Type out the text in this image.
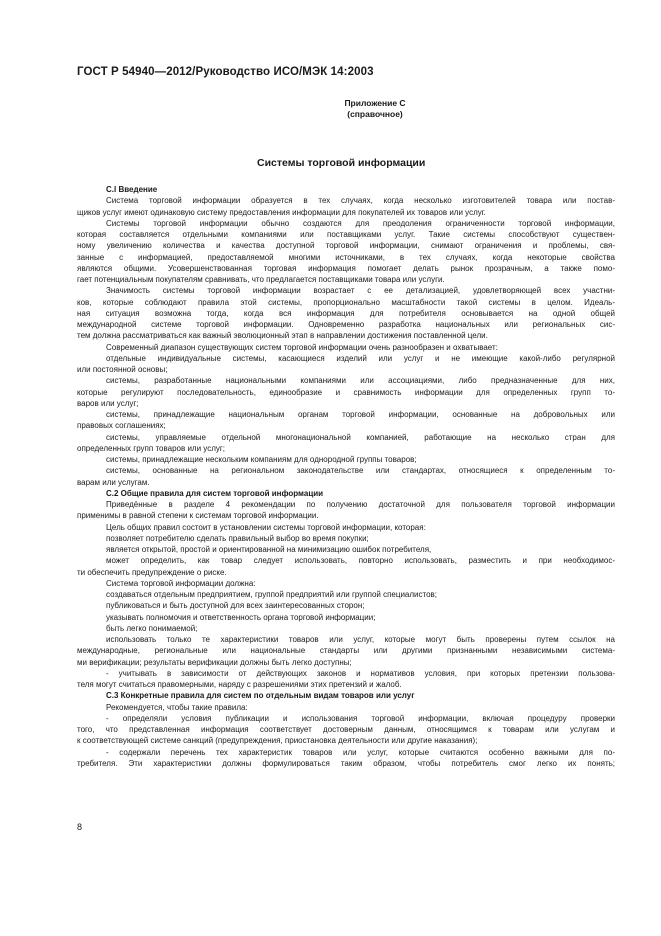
ГОСТ Р 54940—2012/Руководство ИСО/МЭК 14:2003
Приложение С
(справочное)
Системы торговой информации
C.l Введение
Система торговой информации образуется в тех случаях, когда несколько изготовителей товара или постав-
щиков услуг имеют одинаковую систему предоставления информации для покупателей их товаров или услуг.
Системы торговой информации обычно создаются для преодоления ограниченности торговой информации,
которая составляется отдельными компаниями или поставщиками услуг. Такие системы способствуют существен-
ному увеличению количества и качества доступной торговой информации, снимают ограничения и проблемы, свя-
занные с информацией, предоставляемой многими источниками, в тех случаях, когда некоторые свойства
являются общими. Усовершенствованная торговая информация помогает делать рынок прозрачным, а также помо-
гает потенциальным покупателям сравнивать, что предлагается поставщиками товара или услуги.
Значимость системы торговой информации возрастает с ее детализацией, удовлетворяющей всех участни-
ков, которые соблюдают правила этой системы, пропорционально масштабности такой системы в целом. Идеаль-
ная ситуация возможна тогда, когда вся информация для потребителя основывается на одной общей
международной системе торговой информации. Одновременно разработка национальных или региональных сис-
тем должна рассматриваться как важный эволюционный этап в направлении достижения поставленной цели.
Современный диапазон существующих систем торговой информации очень разнообразен и охватывает:
отдельные индивидуальные системы, касающиеся изделий или услуг и не имеющие какой-либо регулярной
или постоянной основы;
системы, разработанные национальными компаниями или ассоциациями, либо предназначенные для них,
которые регулируют последовательность, единообразие и сравнимость информации для определенных групп то-
варов или услуг;
системы, принадлежащие национальным органам торговой информации, основанные на добровольных или
правовых соглашениях;
системы, управляемые отдельной многонациональной компанией, работающие на несколько стран для
определенных групп товаров или услуг;
системы, принадлежащие нескольким компаниям для однородной группы товаров;
системы, основанные на региональном законодательстве или стандартах, относящиеся к определенным то-
варам или услугам.
С.2 Общие правила для систем торговой информации
Приведённые в разделе 4 рекомендации по получению достаточной для пользователя торговой информации
применимы в равной степени к системам торговой информации.
Цель общих правил состоит в установлении системы торговой информации, которая:
позволяет потребителю сделать правильный выбор во время покупки;
является открытой, простой и ориентированной на минимизацию ошибок потребителя,
может определить, как товар следует использовать, повторно использовать, разместить и при необходимос-
ти обеспечить предупреждение о риске.
Система торговой информации должна:
создаваться отдельным предприятием, группой предприятий или группой специалистов;
публиковаться и быть доступной для всех заинтересованных сторон;
указывать полномочия и ответственность органа торговой информации;
быть легко понимаемой;
использовать только те характеристики товаров или услуг, которые могут быть проверены путем ссылок на
международные, региональные или национальные стандарты или другими признанными независимыми система-
ми верификации; результаты верификации должны быть легко доступны;
- учитывать в зависимости от действующих законов и нормативов условия, при которых претензии пользова-
теля могут считаться правомерными, наряду с разрешениями этих претензий и жалоб.
С.3 Конкретные правила для систем по отдельным видам товаров или услуг
Рекомендуется, чтобы такие правила:
- определяли условия публикации и использования торговой информации, включая процедуру проверки
того, что представленная информация соответствует достоверным данным, относящимся к товарам или услугам и
к соответствующей системе санкций (предупреждения, приостановка деятельности или другие наказания);
- содержали перечень тех характеристик товаров или услуг, которые считаются особенно важными для по-
требителя. Эти характеристики должны формулироваться таким образом, чтобы потребитель смог легко их понять;
8
